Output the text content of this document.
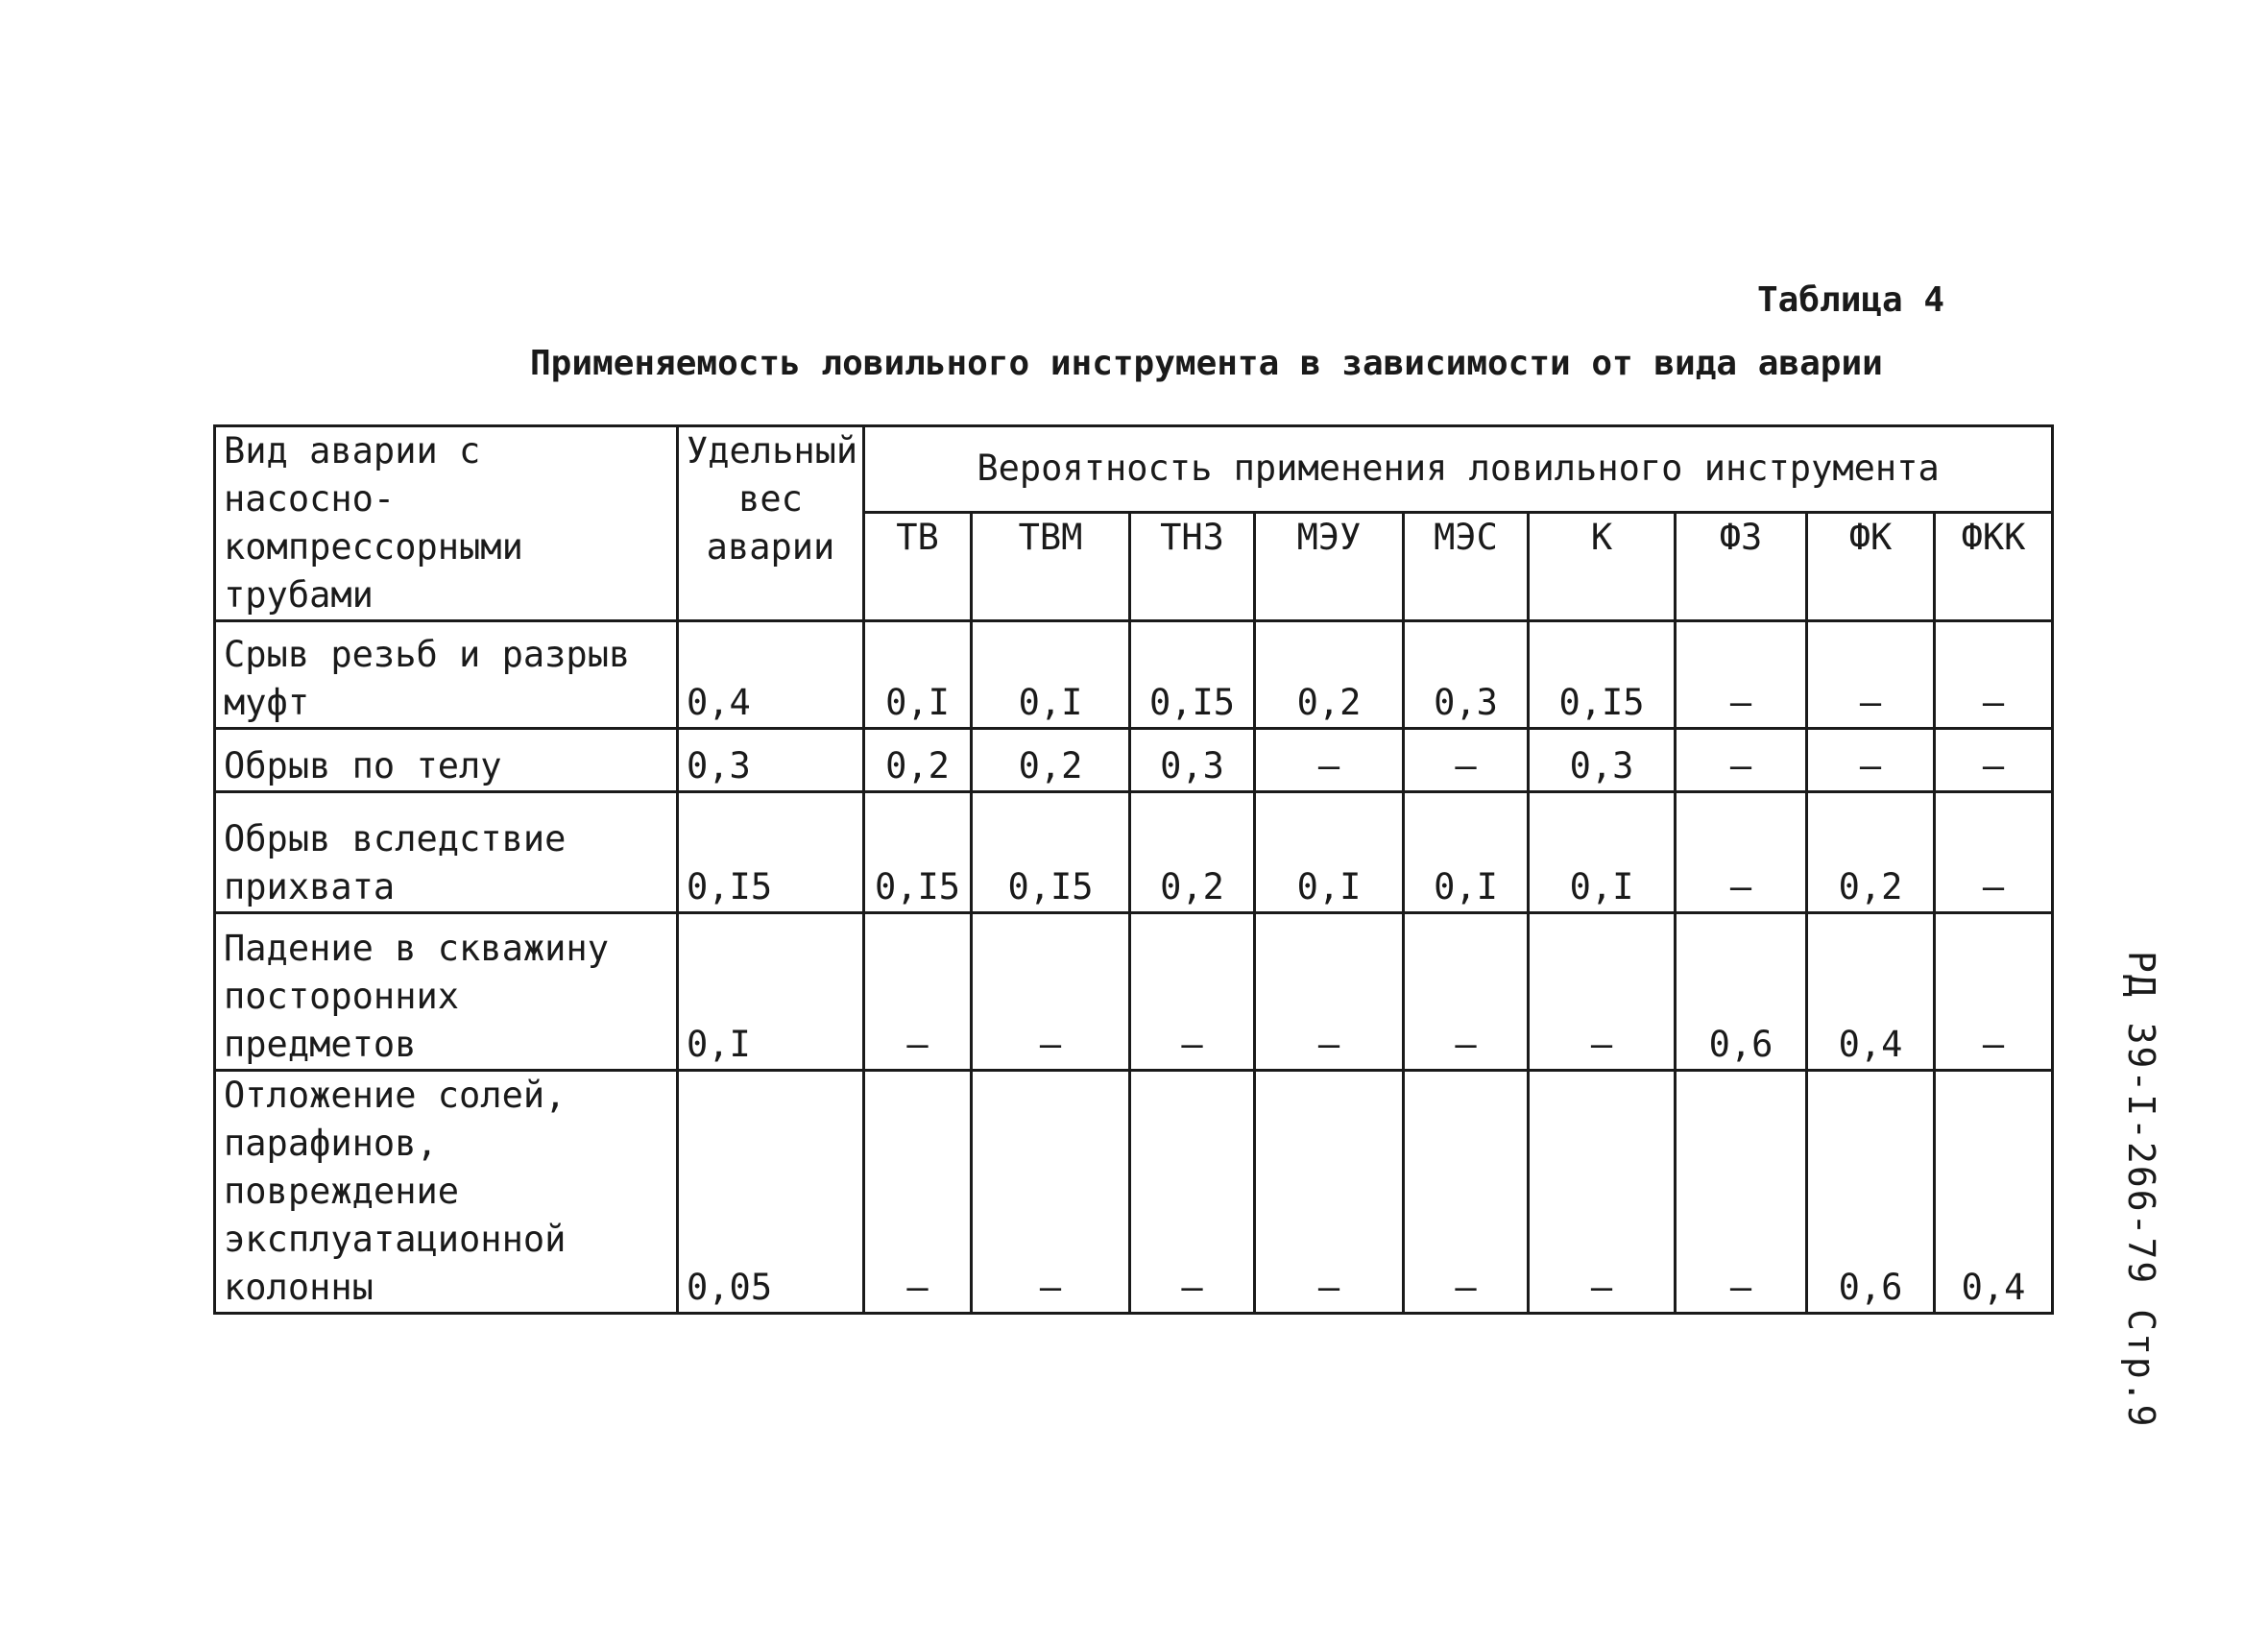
Таблица 4
Применяемость ловильного инструмента в зависимости от вида аварии
Вид аварии с насосно-компрессорными трубами	Удельный вес аварии	Вероятность применения ловильного инструмента								
		ТВ	ТВМ	ТНЗ	МЭУ	МЭС	К	ФЗ	ФК	ФКК
Срыв резьб и разрыв муфт	0,4	0,I	0,I	0,I5	0,2	0,3	0,I5	–	–	–
Обрыв по телу	0,3	0,2	0,2	0,3	–	–	0,3	–	–	–
Обрыв вследствие прихвата	0,I5	0,I5	0,I5	0,2	0,I	0,I	0,I	–	0,2	–
Падение в скважину посторонних предметов	0,I	–	–	–	–	–	–	0,6	0,4	–
Отложение солей, парафинов, повреждение эксплуатационной колонны	0,05	–	–	–	–	–	–	–	0,6	0,4	РД 39-I-266-79 Стр.9
